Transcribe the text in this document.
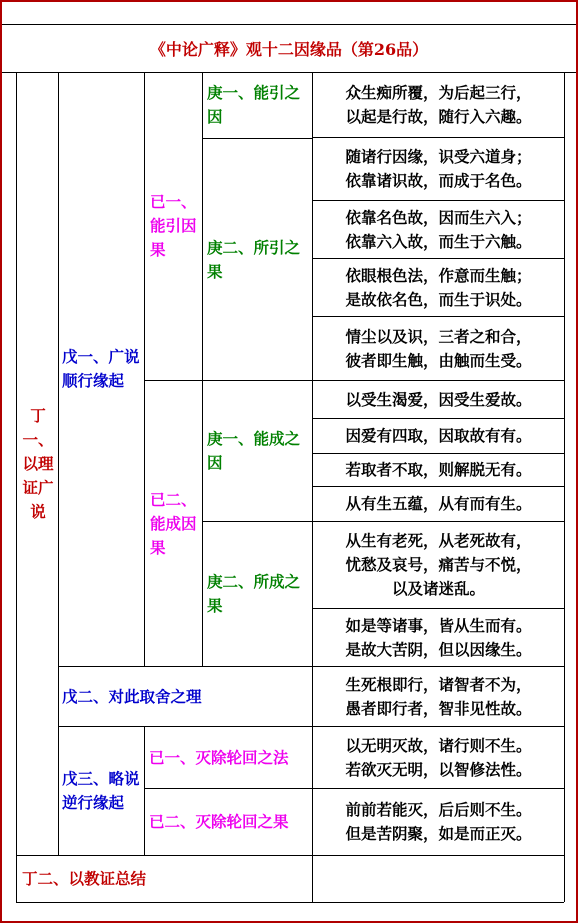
《中论广释》观十二因缘品（第26品）
丁一、以理证广说
丁二、以教证总结
戊一、广说顺行缘起
戊二、对此取舍之理
戊三、略说逆行缘起
已一、能引因果
已二、能成因果
已一、灭除轮回之法
已二、灭除轮回之果
庚一、能引之因
庚二、所引之果
庚一、能成之因
庚二、所成之果
众生痴所覆，为后起三行，
以起是行故，随行入六趣。
随诸行因缘，识受六道身；
依靠诸识故，而成于名色。
依靠名色故，因而生六入；
依靠六入故，而生于六触。
依眼根色法，作意而生触；
是故依名色，而生于识处。
情尘以及识，三者之和合，
彼者即生触，由触而生受。
以受生渴爱，因受生爱故。
因爱有四取，因取故有有。
若取者不取，则解脱无有。
从有生五蕴，从有而有生。
从生有老死，从老死故有，
忧愁及哀号，痛苦与不悦，
以及诸迷乱。
如是等诸事，皆从生而有。
是故大苦阴，但以因缘生。
生死根即行，诸智者不为，
愚者即行者，智非见性故。
以无明灭故，诸行则不生。
若欲灭无明，以智修法性。
前前若能灭，后后则不生。
但是苦阴聚，如是而正灭。
